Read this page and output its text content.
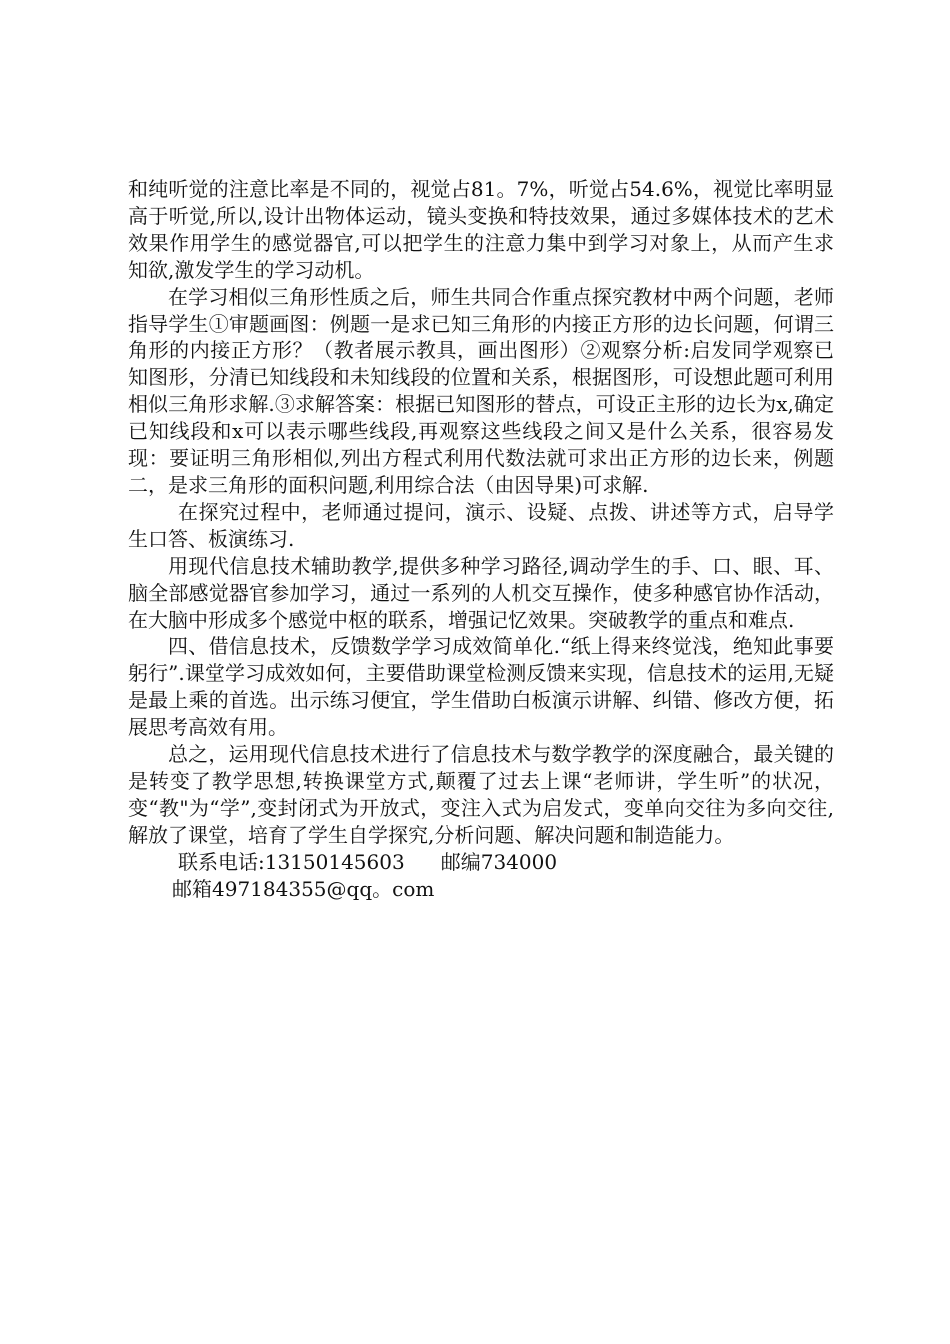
和纯听觉的注意比率是不同的，视觉占81。7%，听觉占54.6%，视觉比率明显高于听觉,所以,设计出物体运动，镜头变换和特技效果，通过多媒体技术的艺术效果作用学生的感觉器官,可以把学生的注意力集中到学习对象上，从而产生求知欲,激发学生的学习动机。

在学习相似三角形性质之后，师生共同合作重点探究教材中两个问题，老师指导学生①审题画图：例题一是求已知三角形的内接正方形的边长问题，何谓三角形的内接正方形？（教者展示教具，画出图形）②观察分析:启发同学观察已知图形，分清已知线段和未知线段的位置和关系，根据图形，可设想此题可利用相似三角形求解.③求解答案：根据已知图形的替点，可设正主形的边长为x,确定已知线段和x可以表示哪些线段,再观察这些线段之间又是什么关系，很容易发现：要证明三角形相似,列出方程式利用代数法就可求出正方形的边长来，例题二，是求三角形的面积问题,利用综合法（由因导果)可求解.

在探究过程中，老师通过提问，演示、设疑、点拨、讲述等方式，启导学生口答、板演练习.

用现代信息技术辅助教学,提供多种学习路径,调动学生的手、口、眼、耳、脑全部感觉器官参加学习，通过一系列的人机交互操作，使多种感官协作活动，在大脑中形成多个感觉中枢的联系，增强记忆效果。突破教学的重点和难点.

四、借信息技术，反馈数学学习成效简单化.“纸上得来终觉浅，绝知此事要躬行”.课堂学习成效如何，主要借助课堂检测反馈来实现，信息技术的运用,无疑是最上乘的首选。出示练习便宜，学生借助白板演示讲解、纠错、修改方便，拓展思考高效有用。

总之，运用现代信息技术进行了信息技术与数学教学的深度融合，最关键的是转变了教学思想,转换课堂方式,颠覆了过去上课“老师讲，学生听”的状况，变“教"为“学”,变封闭式为开放式，变注入式为启发式，变单向交往为多向交往,解放了课堂，培育了学生自学探究,分析问题、解决问题和制造能力。

联系电话:13150145603 邮编734000

邮箱497184355@qq。com
